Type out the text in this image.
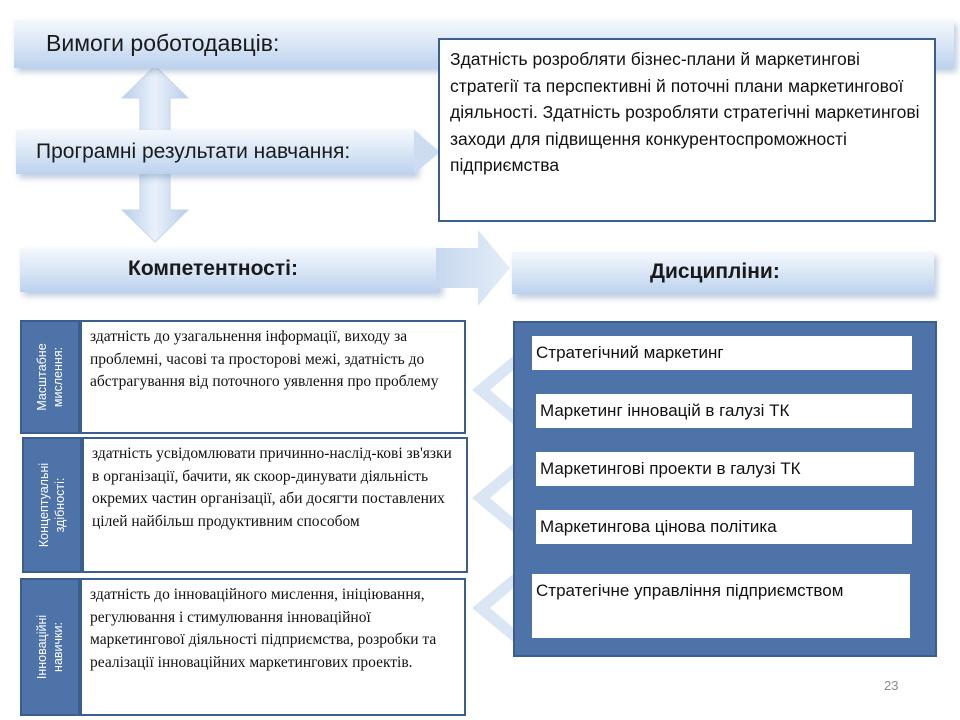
Вимоги роботодавців:
Програмні результати навчання:
Здатність розробляти бізнес-плани й маркетингові стратегії та перспективні й поточні плани маркетингової діяльності. Здатність розробляти стратегічні маркетингові заходи для підвищення конкурентоспроможності підприємства
Компетентності:	Дисципліни:
Масштабне
мислення:
здатність до узагальнення інформації, виходу за проблемні, часові та просторові межі, здатність до абстрагування від поточного уявлення про проблему
Концептуальні
здібності:
здатність усвідомлювати причинно-наслід-кові зв'язки в організації, бачити, як скоор-динувати діяльність окремих частин організації, аби досягти поставлених цілей найбільш продуктивним способом
Інноваційні
навички:
здатність до інноваційного мислення, ініціювання, регулювання і стимулювання інноваційної маркетингової діяльності підприємства, розробки та реалізації інноваційних маркетингових проектів.
Стратегічний маркетинг
Маркетинг інновацій в галузі ТК
Маркетингові проекти в галузі ТК
Маркетингова цінова політика
Стратегічне управління підприємством
23
